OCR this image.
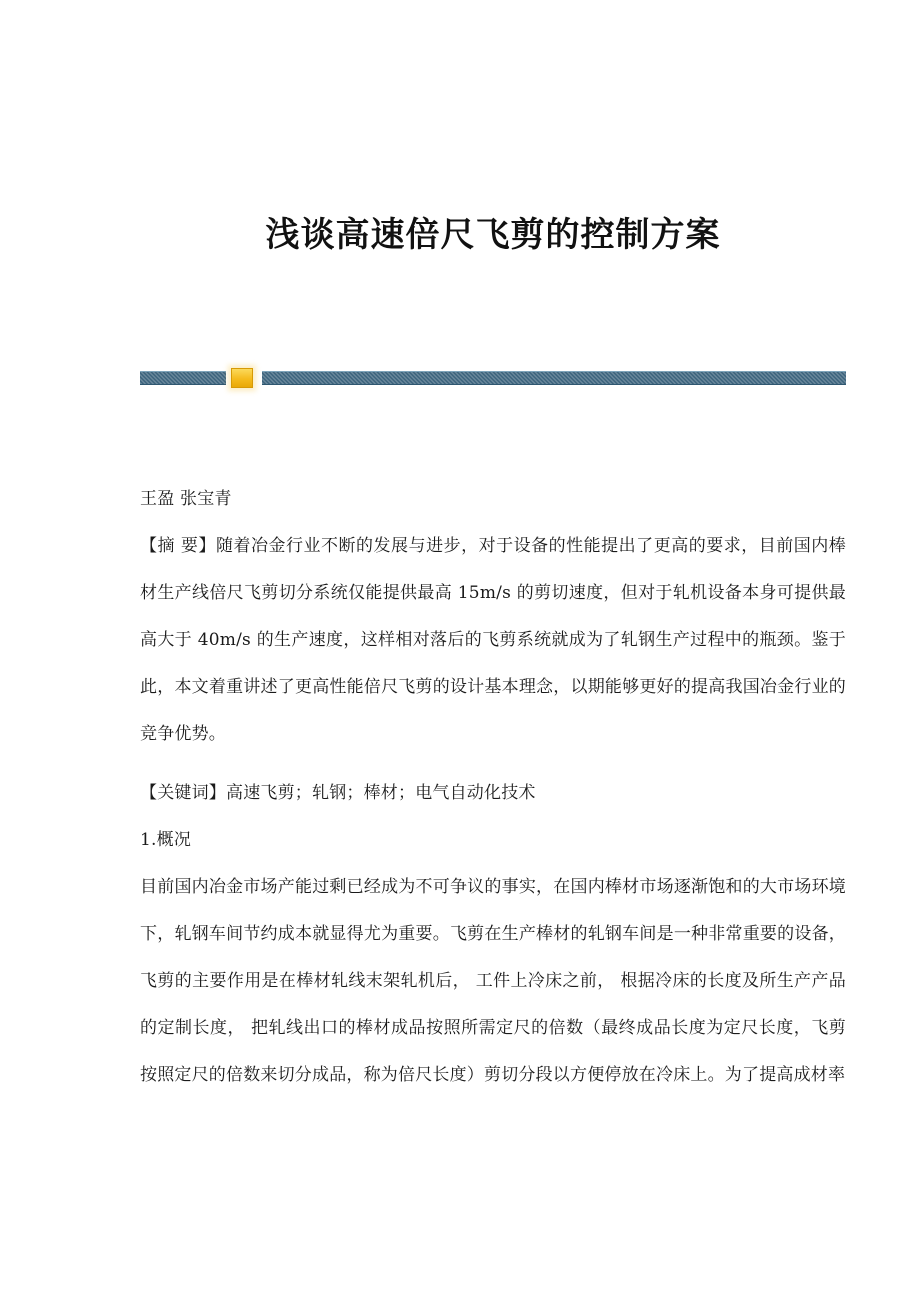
浅谈高速倍尺飞剪的控制方案
王盈 张宝青
【摘 要】随着冶金行业不断的发展与进步，对于设备的性能提出了更高的要求，目前国内棒材生产线倍尺飞剪切分系统仅能提供最高 15m/s 的剪切速度，但对于轧机设备本身可提供最高大于 40m/s 的生产速度，这样相对落后的飞剪系统就成为了轧钢生产过程中的瓶颈。鉴于此，本文着重讲述了更高性能倍尺飞剪的设计基本理念，以期能够更好的提高我国冶金行业的竞争优势。
【关键词】高速飞剪；轧钢；棒材；电气自动化技术
1.概况
目前国内冶金市场产能过剩已经成为不可争议的事实，在国内棒材市场逐渐饱和的大市场环境下，轧钢车间节约成本就显得尤为重要。飞剪在生产棒材的轧钢车间是一种非常重要的设备，飞剪的主要作用是在棒材轧线末架轧机后， 工件上冷床之前， 根据冷床的长度及所生产产品的定制长度， 把轧线出口的棒材成品按照所需定尺的倍数（最终成品长度为定尺长度，飞剪按照定尺的倍数来切分成品，称为倍尺长度）剪切分段以方便停放在冷床上。为了提高成材率
